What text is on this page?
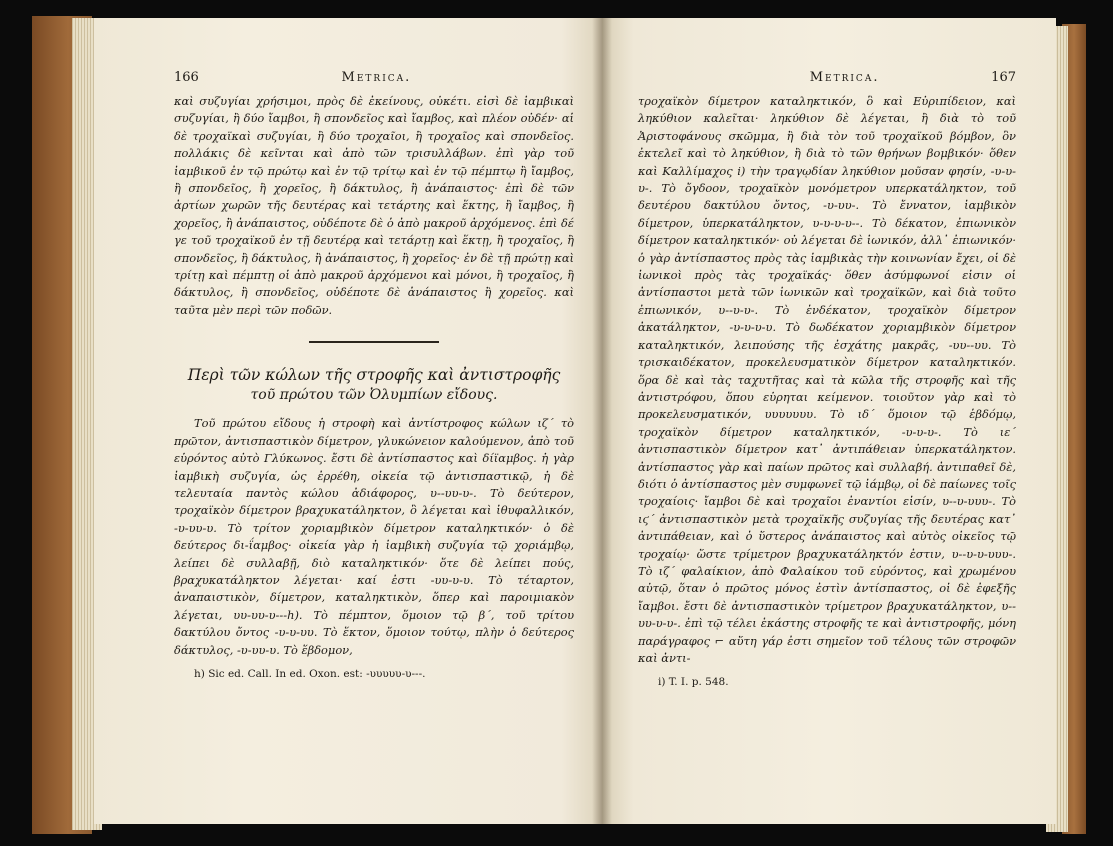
166	Metrica.

καὶ συζυγίαι χρήσιμοι, πρὸς δὲ ἐκείνους, οὐκέτι. εἰσὶ δὲ ἰαμβικαὶ συζυγίαι, ἢ δύο ἴαμβοι, ἢ σπονδεῖος καὶ ἴαμβος, καὶ πλέον οὐδέν· αἱ δὲ τροχαϊκαὶ συζυγίαι, ἢ δύο τροχαῖοι, ἢ τροχαῖος καὶ σπονδεῖος. πολλάκις δὲ κεῖνται καὶ ἀπὸ τῶν τρισυλλάβων. ἐπὶ γὰρ τοῦ ἰαμβικοῦ ἐν τῷ πρώτῳ καὶ ἐν τῷ τρίτῳ καὶ ἐν τῷ πέμπτῳ ἢ ἴαμβος, ἢ σπονδεῖος, ἢ χορεῖος, ἢ δάκτυλος, ἢ ἀνάπαιστος· ἐπὶ δὲ τῶν ἀρτίων χωρῶν τῆς δευτέρας καὶ τετάρτης καὶ ἕκτης, ἢ ἴαμβος, ἢ χορεῖος, ἢ ἀνάπαιστος, οὐδέποτε δὲ ὁ ἀπὸ μακροῦ ἀρχόμενος. ἐπὶ δέ γε τοῦ τροχαϊκοῦ ἐν τῇ δευτέρᾳ καὶ τετάρτῃ καὶ ἕκτῃ, ἢ τροχαῖος, ἢ σπονδεῖος, ἢ δάκτυλος, ἢ ἀνάπαιστος, ἢ χορεῖος· ἐν δὲ τῇ πρώτῃ καὶ τρίτῃ καὶ πέμπτῃ οἱ ἀπὸ μακροῦ ἀρχόμενοι καὶ μόνοι, ἢ τροχαῖος, ἢ δάκτυλος, ἢ σπονδεῖος, οὐδέποτε δὲ ἀνάπαιστος ἢ χορεῖος. καὶ ταῦτα μὲν περὶ τῶν ποδῶν.

Περὶ τῶν κώλων τῆς στροφῆς καὶ ἀντιστροφῆς
τοῦ πρώτου τῶν Ὀλυμπίων εἴδους.

Τοῦ πρώτου εἴδους ἡ στροφὴ καὶ ἀντίστροφος κώλων ιζ΄ τὸ πρῶτον, ἀντισπαστικὸν δίμετρον, γλυκώνειον καλούμενον, ἀπὸ τοῦ εὑρόντος αὐτὸ Γλύκωνος. ἔστι δὲ ἀντίσπαστος καὶ δίϊαμβος. ἡ γὰρ ἰαμβικὴ συζυγία, ὡς ἐρρέθη, οἰκεία τῷ ἀντισπαστικῷ, ἡ δὲ τελευταία παντὸς κώλου ἀδιάφορος, υ--υυ-υ-. Τὸ δεύτερον, τροχαϊκὸν δίμετρον βραχυκατάληκτον, ὃ λέγεται καὶ ἰθυφαλλικόν, -υ-υυ-υ. Τὸ τρίτον χοριαμβικὸν δίμετρον καταληκτικόν· ὁ δὲ δεύτερος δι-ΐαμβος· οἰκεία γὰρ ἡ ἰαμβικὴ συζυγία τῷ χοριάμβῳ, λείπει δὲ συλλαβῇ, διὸ καταληκτικόν· ὅτε δὲ λείπει πούς, βραχυκατάληκτον λέγεται· καί ἐστι -υυ-υ-υ. Τὸ τέταρτον, ἀναπαιστικὸν, δίμετρον, καταληκτικὸν, ὅπερ καὶ παροιμιακὸν λέγεται, υυ-υυ-υ---h). Τὸ πέμπτον, ὅμοιον τῷ β΄, τοῦ τρίτου δακτύλου ὄντος -υ-υ-υυ. Τὸ ἕκτον, ὅμοιον τούτῳ, πλὴν ὁ δεύτερος δάκτυλος, -υ-υυ-υ. Τὸ ἕβδομον,

h) Sic ed. Call. In ed. Oxon. est: -υυυυυ-υ---.
Metrica.	167

τροχαϊκὸν δίμετρον καταληκτικόν, ὃ καὶ Εὐριπίδειον, καὶ ληκύθιον καλεῖται· ληκύθιον δὲ λέγεται, ἢ διὰ τὸ τοῦ Ἀριστοφάνους σκῶμμα, ἢ διὰ τὸν τοῦ τροχαϊκοῦ βόμβον, ὃν ἐκτελεῖ καὶ τὸ ληκύθιον, ἢ διὰ τὸ τῶν θρήνων βομβικόν· ὅθεν καὶ Καλλίμαχος i) τὴν τραγῳδίαν ληκύθιον μοῦσαν φησίν, -υ-υ-υ-. Τὸ ὄγδοον, τροχαϊκὸν μονόμετρον υπερκατάληκτον, τοῦ δευτέρου δακτύλου ὄντος, -υ-υυ-. Τὸ ἔννατον, ἰαμβικὸν δίμετρον, ὑπερκατάληκτον, υ-υ-υ-υ--. Τὸ δέκατον, ἐπιωνικὸν δίμετρον καταληκτικόν· οὐ λέγεται δὲ ἰωνικόν, ἀλλ᾽ ἐπιωνικόν· ὁ γὰρ ἀντίσπαστος πρὸς τὰς ἰαμβικὰς τὴν κοινωνίαν ἔχει, οἱ δὲ ἰωνικοὶ πρὸς τὰς τροχαϊκάς· ὅθεν ἀσύμφωνοί εἰσιν οἱ ἀντίσπαστοι μετὰ τῶν ἰωνικῶν καὶ τροχαϊκῶν, καὶ διὰ τοῦτο ἐπιωνικόν, υ--υ-υ-. Τὸ ἑνδέκατον, τροχαϊκὸν δίμετρον ἀκατάληκτον, -υ-υ-υ-υ. Τὸ δωδέκατον χοριαμβικὸν δίμετρον καταληκτικόν, λειπούσης τῆς ἐσχάτης μακρᾶς, -υυ--υυ. Τὸ τρισκαιδέκατον, προκελευσματικὸν δίμετρον καταληκτικόν. ὅρα δὲ καὶ τὰς ταχυτῆτας καὶ τὰ κῶλα τῆς στροφῆς καὶ τῆς ἀντιστρόφου, ὅπου εὑρηται κείμενον. τοιοῦτον γὰρ καὶ τὸ προκελευσματικόν, υυυυυυυ. Τὸ ιδ΄ ὅμοιον τῷ ἑβδόμῳ, τροχαϊκὸν δίμετρον καταληκτικόν, -υ-υ-υ-. Τὸ ιε΄ ἀντισπαστικὸν δίμετρον κατ᾽ ἀντιπάθειαν ὑπερκατάληκτον. ἀντίσπαστος γὰρ καὶ παίων πρῶτος καὶ συλλαβή. ἀντιπαθεῖ δὲ, διότι ὁ ἀντίσπαστος μὲν συμφωνεῖ τῷ ἰάμβῳ, οἱ δὲ παίωνες τοῖς τροχαίοις· ἴαμβοι δὲ καὶ τροχαῖοι ἐναντίοι εἰσίν, υ--υ-υυυ-. Τὸ ιϛ΄ ἀντισπαστικὸν μετὰ τροχαϊκῆς συζυγίας τῆς δευτέρας κατ᾽ ἀντιπάθειαν, καὶ ὁ ὕστερος ἀνάπαιστος καὶ αὐτὸς οἰκεῖος τῷ τροχαίῳ· ὥστε τρίμετρον βραχυκατάληκτόν ἐστιν, υ--υ-υ-υυυ-. Τὸ ιζ΄ φαλαίκιον, ἀπὸ Φαλαίκου τοῦ εὑρόντος, καὶ χρωμένου αὐτῷ, ὅταν ὁ πρῶτος μόνος ἐστὶν ἀντίσπαστος, οἱ δὲ ἐφεξῆς ἴαμβοι. ἔστι δὲ ἀντισπαστικὸν τρίμετρον βραχυκατάληκτον, υ--υυ-υ-υ-. ἐπὶ τῷ τέλει ἑκάστης στροφῆς τε καὶ ἀντιστροφῆς, μόνη παράγραφος ⌐ αὕτη γάρ ἐστι σημεῖον τοῦ τέλους τῶν στροφῶν καὶ ἀντι-

i) T. I. p. 548.
